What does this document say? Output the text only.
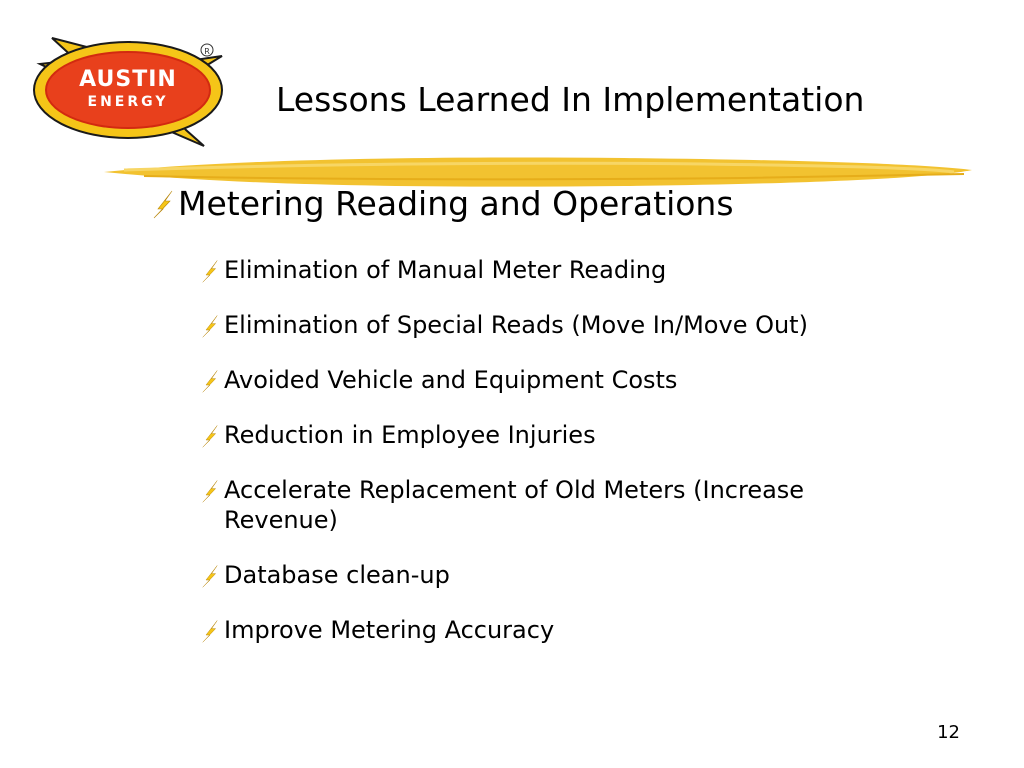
AUSTIN
ENERGY
R
Lessons Learned In Implementation
Metering Reading and Operations
Elimination of Manual Meter Reading
Elimination of Special Reads (Move In/Move Out)
Avoided Vehicle and Equipment Costs
Reduction in Employee Injuries
Accelerate Replacement of Old Meters (Increase Revenue)
Database clean-up
Improve Metering Accuracy
12
